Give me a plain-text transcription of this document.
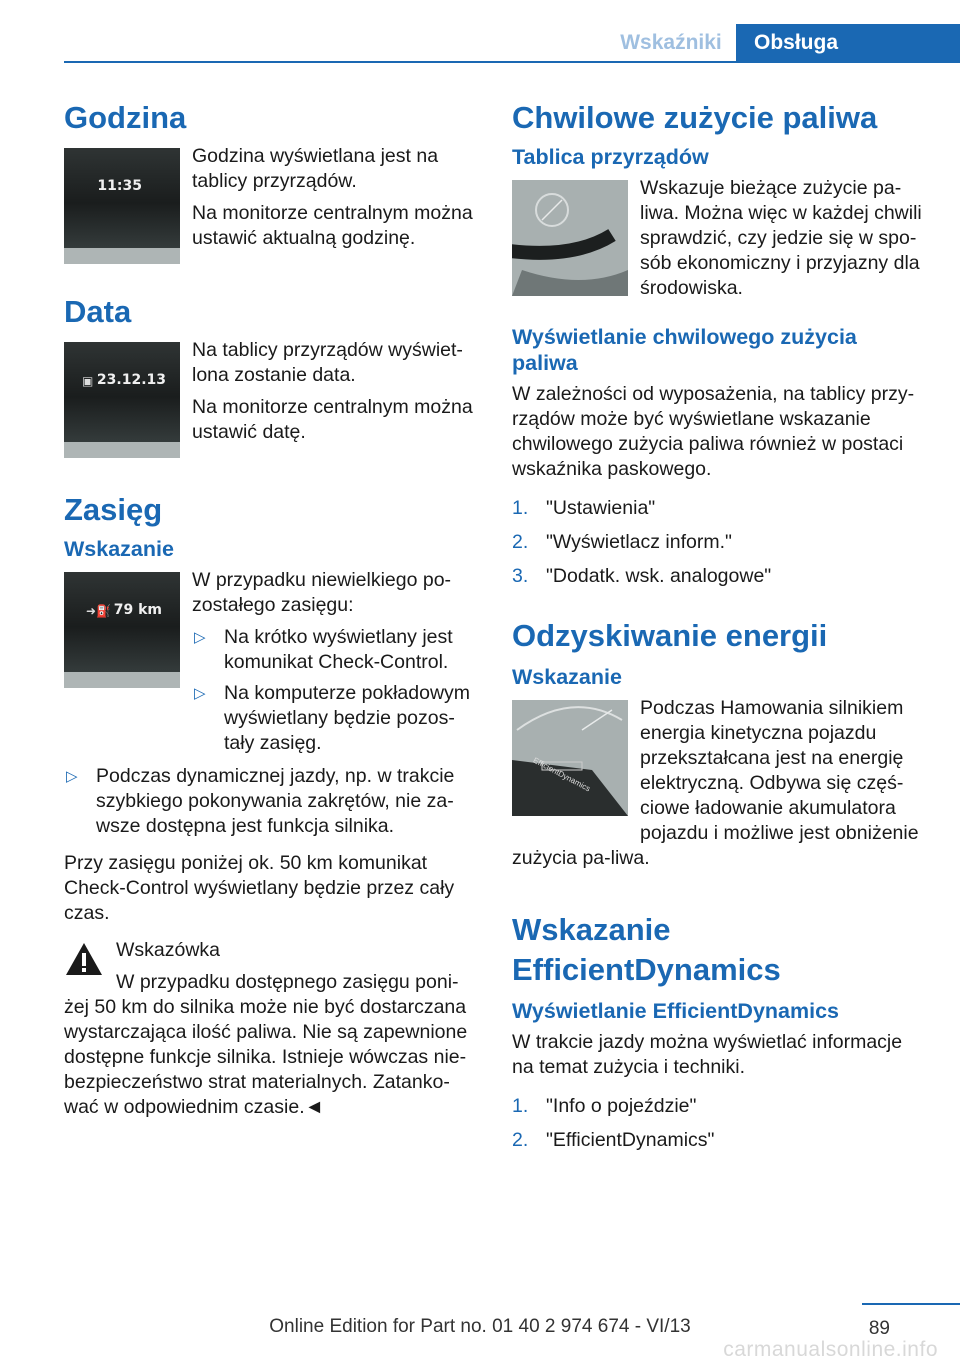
Wskaźniki	Obsługa
Godzina
11:35

Godzina wyświetlana jest na tablicy przyrządów.

Na monitorze centralnym można ustawić aktualną godzinę.

Data
▣ 23.12.13

Na tablicy przyrządów wyświet‐lona zostanie data.

Na monitorze centralnym można ustawić datę.

Zasięg
Wskazanie
➜⛽ 79 km

W przypadku niewielkiego po‐zostałego zasięgu:

▷ Na krótko wyświetlany jest komunikat Check-Control.
▷ Na komputerze pokładowym wyświetlany będzie pozos‐tały zasięg.
▷ Podczas dynamicznej jazdy, np. w trakcie szybkiego pokonywania zakrętów, nie za‐wsze dostępna jest funkcja silnika.

Przy zasięgu poniżej ok. 50 km komunikat Check-Control wyświetlany będzie przez cały czas.

Wskazówka

W przypadku dostępnego zasięgu poni‐żej 50 km do silnika może nie być dostarczana wystarczająca ilość paliwa. Nie są zapewnione dostępne funkcje silnika. Istnieje wówczas nie‐bezpieczeństwo strat materialnych. Zatanko‐wać w odpowiednim czasie.◄

Chwilowe zużycie paliwa
Tablica przyrządów

Wskazuje bieżące zużycie pa‐liwa. Można więc w każdej chwili sprawdzić, czy jedzie się w spo‐sób ekonomiczny i przyjazny dla środowiska.

Wyświetlanie chwilowego zużycia paliwa

W zależności od wyposażenia, na tablicy przy‐rządów może być wyświetlane wskazanie chwilowego zużycia paliwa również w postaci wskaźnika paskowego.

1. "Ustawienia"
2. "Wyświetlacz inform."
3. "Dodatk. wsk. analogowe"
Odzyskiwanie energii
Wskazanie
EfficientDynamics

Podczas Hamowania silnikiem energia kinetyczna pojazdu przekształcana jest na energię elektryczną. Odbywa się częś‐ciowe ładowanie akumulatora pojazdu i możliwe jest obniżenie zużycia pa‐liwa.

Wskazanie EfficientDynamics
Wyświetlanie EfficientDynamics

W trakcie jazdy można wyświetlać informacje na temat zużycia i techniki.

1. "Info o pojeździe"
2. "EfficientDynamics"
89
Online Edition for Part no. 01 40 2 974 674 - VI/13
carmanualsonline.info
